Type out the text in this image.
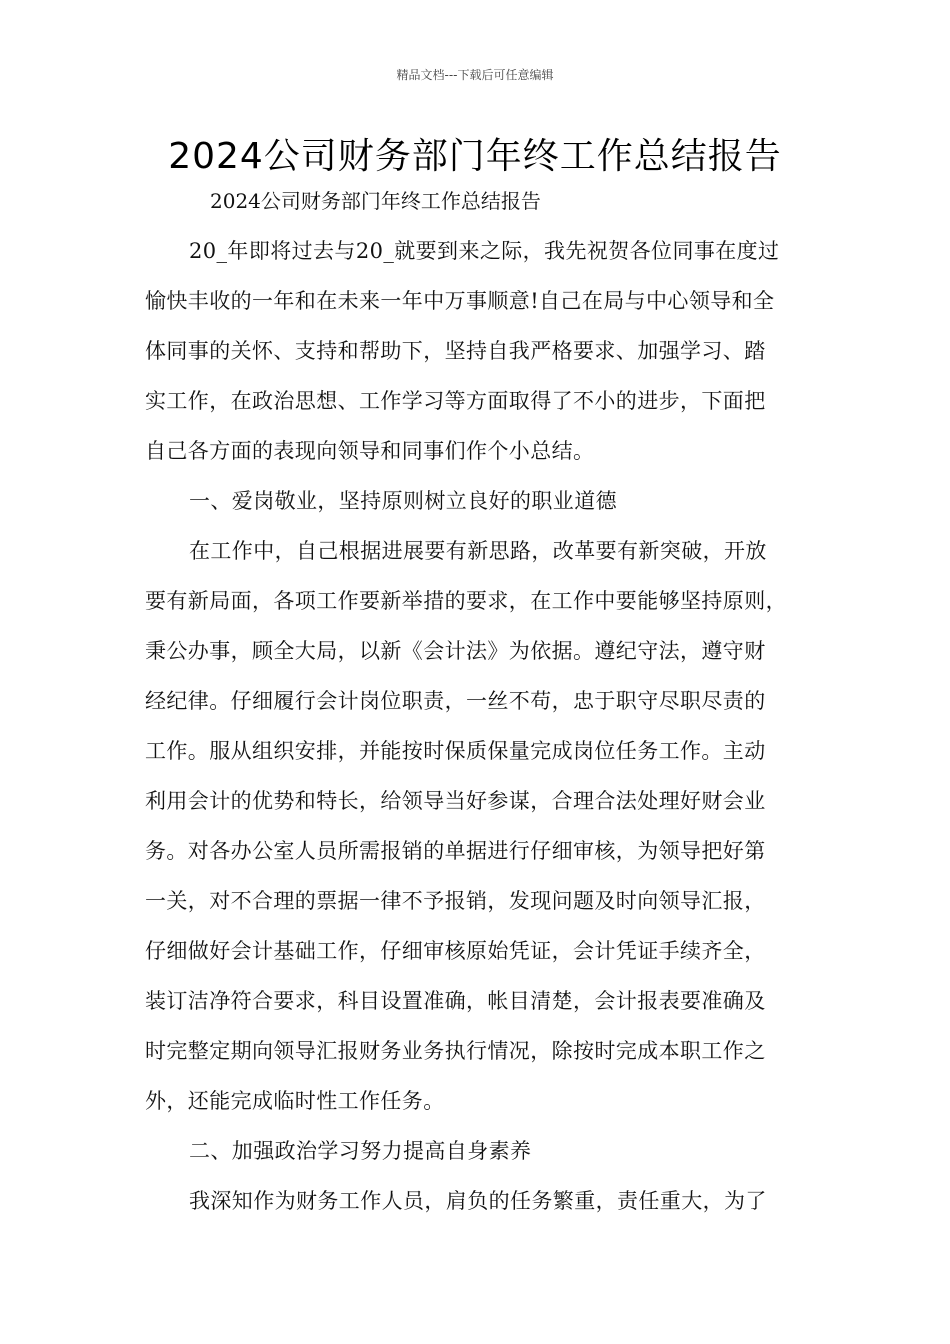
精品文档---下载后可任意编辑
2024公司财务部门年终工作总结报告
2024公司财务部门年终工作总结报告

20_年即将过去与20_就要到来之际，我先祝贺各位同事在度过
愉快丰收的一年和在未来一年中万事顺意!自己在局与中心领导和全
体同事的关怀、支持和帮助下，坚持自我严格要求、加强学习、踏
实工作，在政治思想、工作学习等方面取得了不小的进步，下面把
自己各方面的表现向领导和同事们作个小总结。

一、爱岗敬业，坚持原则树立良好的职业道德

在工作中，自己根据进展要有新思路，改革要有新突破，开放
要有新局面，各项工作要新举措的要求，在工作中要能够坚持原则，
秉公办事，顾全大局，以新《会计法》为依据。遵纪守法，遵守财
经纪律。仔细履行会计岗位职责，一丝不苟，忠于职守尽职尽责的
工作。服从组织安排，并能按时保质保量完成岗位任务工作。主动
利用会计的优势和特长，给领导当好参谋，合理合法处理好财会业
务。对各办公室人员所需报销的单据进行仔细审核，为领导把好第
一关，对不合理的票据一律不予报销，发现问题及时向领导汇报，
仔细做好会计基础工作，仔细审核原始凭证，会计凭证手续齐全，
装订洁净符合要求，科目设置准确，帐目清楚，会计报表要准确及
时完整定期向领导汇报财务业务执行情况，除按时完成本职工作之
外，还能完成临时性工作任务。

二、加强政治学习努力提高自身素养

我深知作为财务工作人员，肩负的任务繁重，责任重大，为了
